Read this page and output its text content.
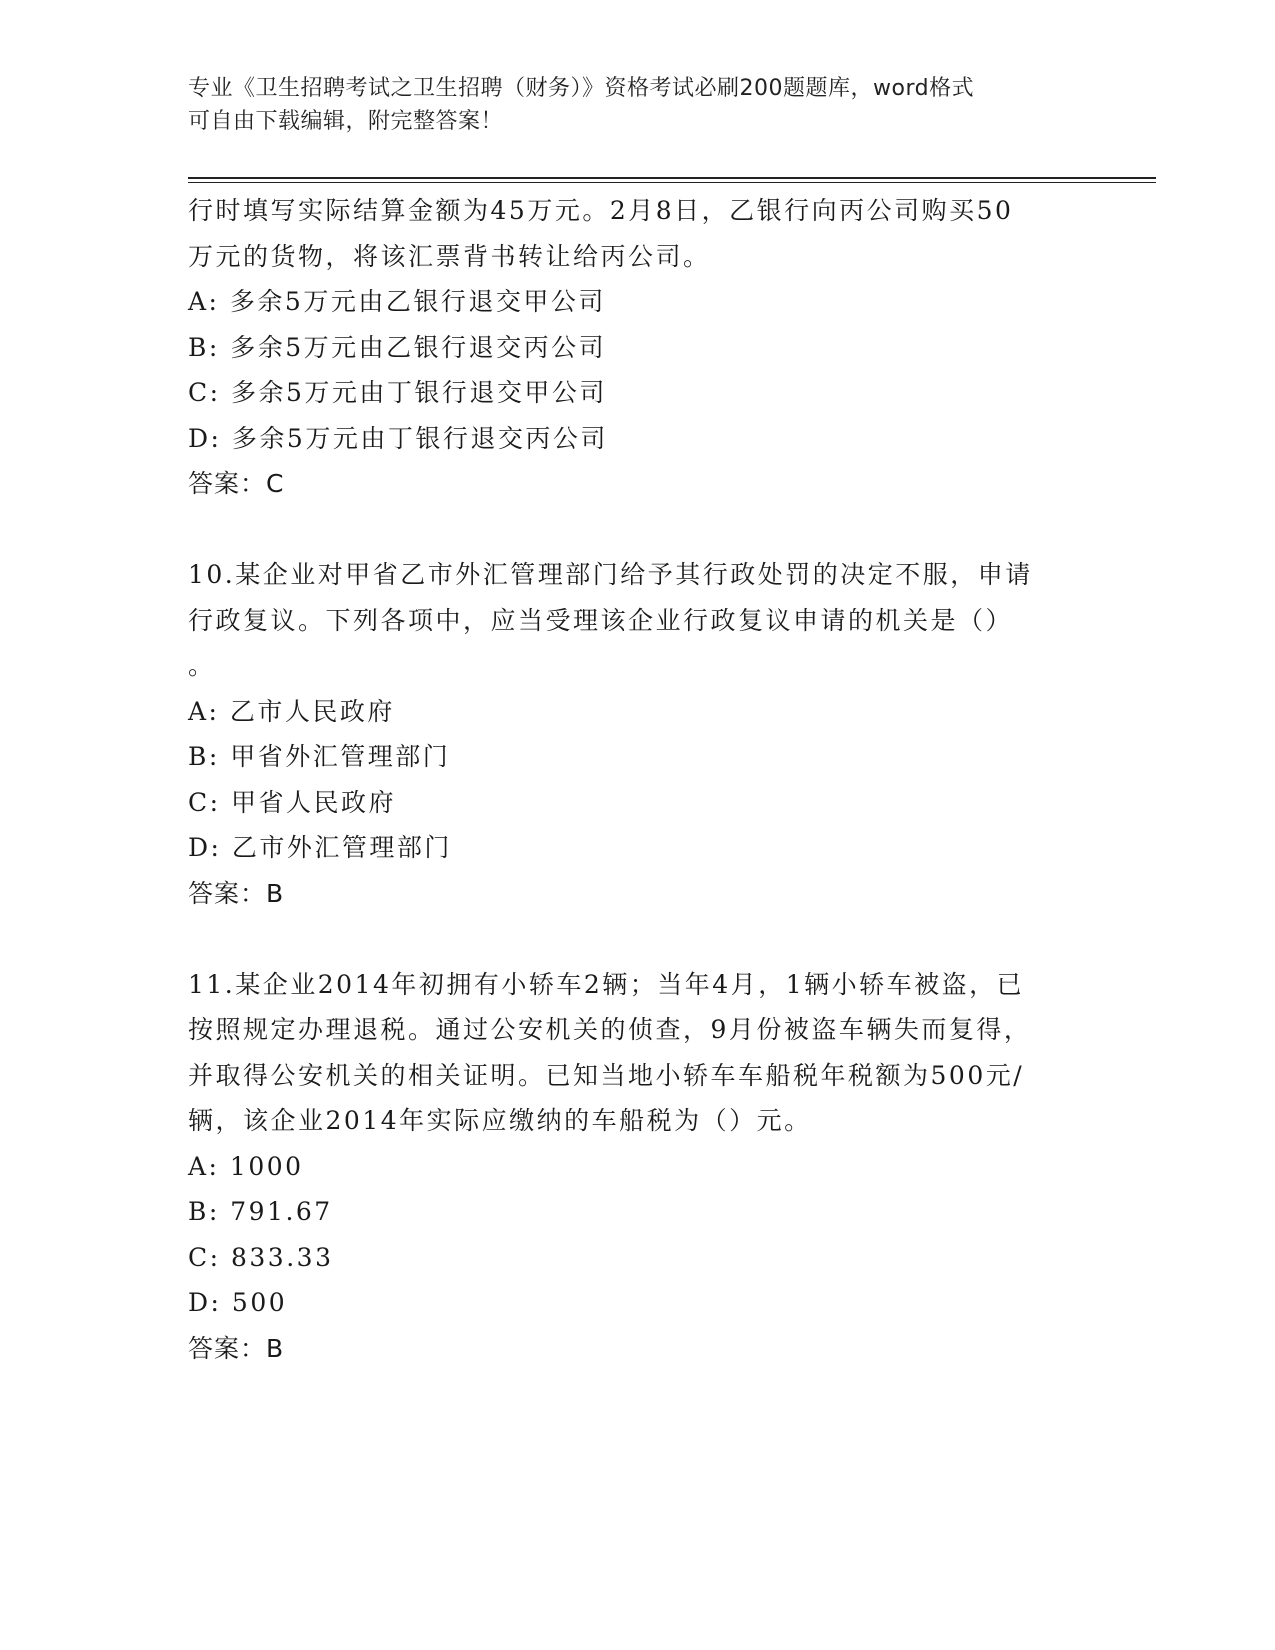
专业《卫生招聘考试之卫生招聘（财务）》资格考试必刷200题题库，word格式
可自由下载编辑，附完整答案！
行时填写实际结算金额为45万元。2月8日，乙银行向丙公司购买50
万元的货物，将该汇票背书转让给丙公司。
A: 多余5万元由乙银行退交甲公司
B: 多余5万元由乙银行退交丙公司
C: 多余5万元由丁银行退交甲公司
D: 多余5万元由丁银行退交丙公司
答案：C
10.某企业对甲省乙市外汇管理部门给予其行政处罚的决定不服，申请
行政复议。下列各项中，应当受理该企业行政复议申请的机关是（）
。
A: 乙市人民政府
B: 甲省外汇管理部门
C: 甲省人民政府
D: 乙市外汇管理部门
答案：B
11.某企业2014年初拥有小轿车2辆；当年4月，1辆小轿车被盗，已
按照规定办理退税。通过公安机关的侦查，9月份被盗车辆失而复得，
并取得公安机关的相关证明。已知当地小轿车车船税年税额为500元/
辆，该企业2014年实际应缴纳的车船税为（）元。
A: 1000
B: 791.67
C: 833.33
D: 500
答案：B
